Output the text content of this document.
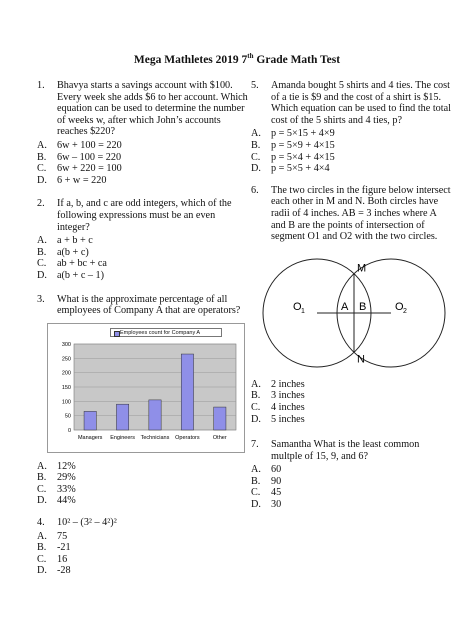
Mega Mathletes 2019 7th Grade Math Test
1. Bhavya starts a savings account with $100. Every week she adds $6 to her account. Which equation can be used to determine the number of weeks w, after which John’s accounts reaches $220?
A. 6w + 100 = 220
B. 6w – 100 = 220
C. 6w + 220 = 100
D. 6 + w = 220
2. If a, b, and c are odd integers, which of the following expressions must be an even integer?
A. a + b + c
B. a(b + c)
C. ab + bc + ca
D. a(b + c – 1)
3. What is the approximate percentage of all employees of Company A that are operators?
Employees count for Company A
0
50
100
150
200
250
300
Managers Engineers Technicians Operators Other
A. 12%
B. 29%
C. 33%
D. 44%
4. 10² – (3² – 4²)²
A. 75
B. -21
C. 16
D. -28
5. Amanda bought 5 shirts and 4 ties. The cost of a tie is $9 and the cost of a shirt is $15. Which equation can be used to find the total cost of the 5 shirts and 4 ties, p?
A. p = 5×15 + 4×9
B. p = 5×9 + 4×15
C. p = 5×4 + 4×15
D. p = 5×5 + 4×4
6. The two circles in the figure below intersect each other in M and N. Both circles have radii of 4 inches. AB = 3 inches where A and B are the points of intersection of segment O1 and O2 with the two circles.
M
N
A B
O	O
1	2
A. 2 inches
B. 3 inches
C. 4 inches
D. 5 inches
7. Samantha What is the least common multple of 15, 9, and 6?
A. 60
B. 90
C. 45
D. 30
